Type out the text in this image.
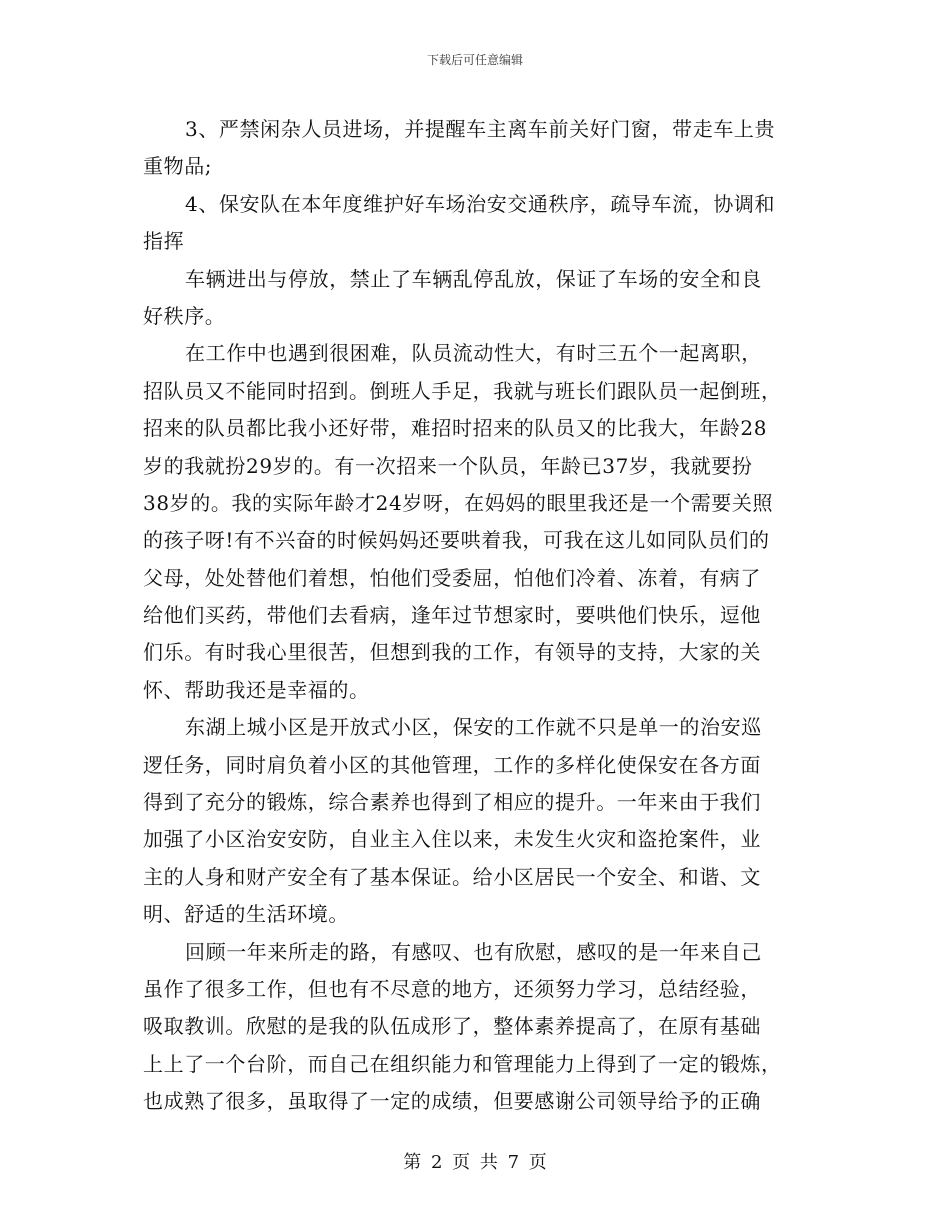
下载后可任意编辑
3、严禁闲杂人员进场，并提醒车主离车前关好门窗，带走车上贵
重物品;
4、保安队在本年度维护好车场治安交通秩序，疏导车流，协调和
指挥
车辆进出与停放，禁止了车辆乱停乱放，保证了车场的安全和良
好秩序。
在工作中也遇到很困难，队员流动性大，有时三五个一起离职，
招队员又不能同时招到。倒班人手足，我就与班长们跟队员一起倒班，
招来的队员都比我小还好带，难招时招来的队员又的比我大，年龄28
岁的我就扮29岁的。有一次招来一个队员，年龄已37岁，我就要扮
38岁的。我的实际年龄才24岁呀，在妈妈的眼里我还是一个需要关照
的孩子呀!有不兴奋的时候妈妈还要哄着我，可我在这儿如同队员们的
父母，处处替他们着想，怕他们受委屈，怕他们冷着、冻着，有病了
给他们买药，带他们去看病，逢年过节想家时，要哄他们快乐，逗他
们乐。有时我心里很苦，但想到我的工作，有领导的支持，大家的关
怀、帮助我还是幸福的。
东湖上城小区是开放式小区，保安的工作就不只是单一的治安巡
逻任务，同时肩负着小区的其他管理，工作的多样化使保安在各方面
得到了充分的锻炼，综合素养也得到了相应的提升。一年来由于我们
加强了小区治安安防，自业主入住以来，未发生火灾和盗抢案件，业
主的人身和财产安全有了基本保证。给小区居民一个安全、和谐、文
明、舒适的生活环境。
回顾一年来所走的路，有感叹、也有欣慰，感叹的是一年来自己
虽作了很多工作，但也有不尽意的地方，还须努力学习，总结经验，
吸取教训。欣慰的是我的队伍成形了，整体素养提高了，在原有基础
上上了一个台阶，而自己在组织能力和管理能力上得到了一定的锻炼，
也成熟了很多，虽取得了一定的成绩，但要感谢公司领导给予的正确
第 2 页 共 7 页
